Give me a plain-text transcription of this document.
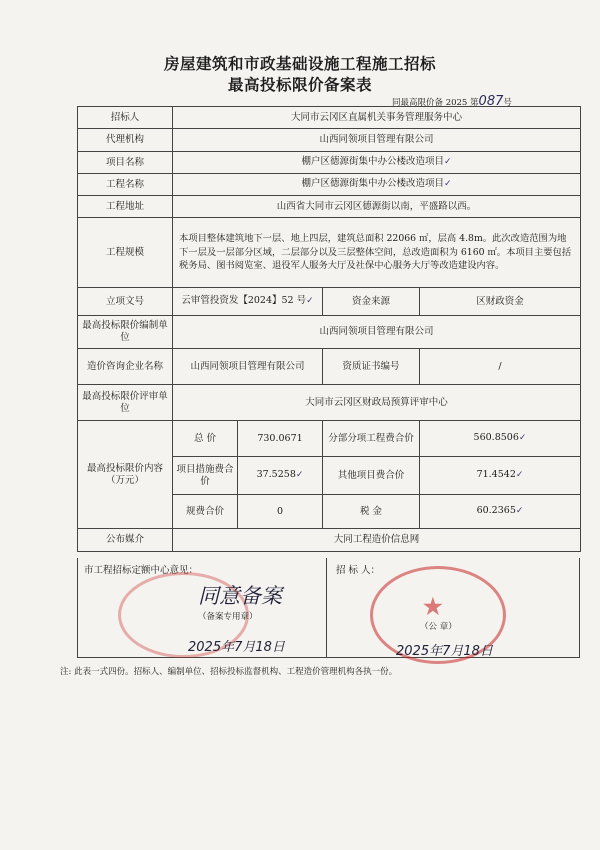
房屋建筑和市政基础设施工程施工招标
最高投标限价备案表
同最高限价备 2025 第087号
招标人	大同市云冈区直属机关事务管理服务中心			
代理机构	山西同领项目管理有限公司			
项目名称	棚户区德源街集中办公楼改造项目✓			
工程名称	棚户区德源街集中办公楼改造项目✓			
工程地址	山西省大同市云冈区德源街以南，平盛路以西。			
工程规模	本项目整体建筑地下一层、地上四层，建筑总面积 22066 ㎡，层高 4.8m。此次改造范围为地下一层及一层部分区域，二层部分以及三层整体空间，总改造面积为 6160 ㎡。本项目主要包括税务局、图书阅览室、退役军人服务大厅及社保中心服务大厅等改造建设内容。			
立项文号	云审管投资发【2024】52 号✓		资金来源	区财政资金
最高投标限价编制单位	山西同领项目管理有限公司			
造价咨询企业名称	山西同领项目管理有限公司		资质证书编号	/
最高投标限价评审单位	大同市云冈区财政局预算评审中心			
最高投标限价内容（万元）	总 价	730.0671	分部分项工程费合价	560.8506✓
	项目措施费合价	37.5258✓	其他项目费合价	71.4542✓
	规费合价	0	税 金	60.2365✓
公布媒介	大同工程造价信息网			
市工程招标定额中心意见：
同意备案
（备案专用章）
2025年7月18日
招 标 人：
★
（公 章）
2025年7月18日
注: 此表一式四份。招标人、编制单位、招标投标监督机构、工程造价管理机构各执一份。
